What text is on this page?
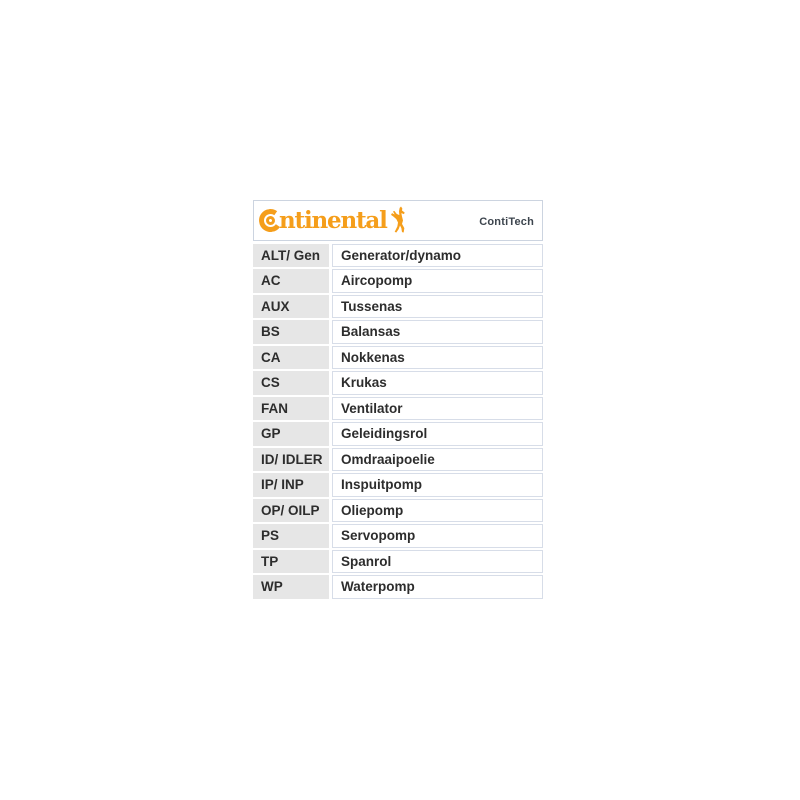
ntinental	ContiTech
ALT/ Gen	Generator/dynamo
AC	Aircopomp
AUX	Tussenas
BS	Balansas
CA	Nokkenas
CS	Krukas
FAN	Ventilator
GP	Geleidingsrol
ID/ IDLER	Omdraaipoelie
IP/ INP	Inspuitpomp
OP/ OILP	Oliepomp
PS	Servopomp
TP	Spanrol
WP	Waterpomp
